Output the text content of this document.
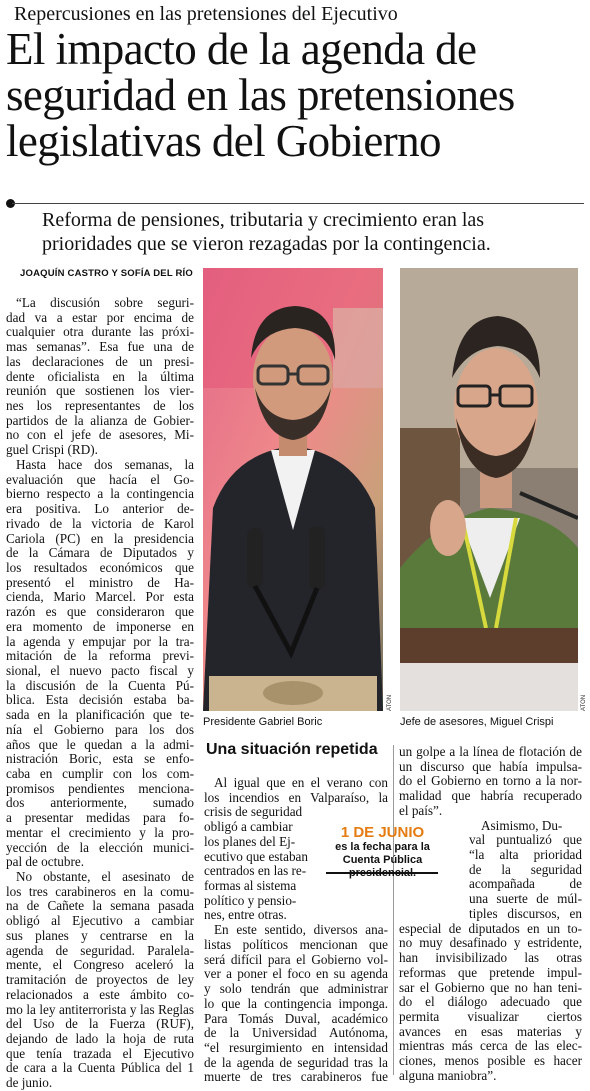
Repercusiones en las pretensiones del Ejecutivo
El impacto de la agenda de
seguridad en las pretensiones
legislativas del Gobierno
Reforma de pensiones, tributaria y crecimiento eran las
prioridades que se vieron rezagadas por la contingencia.
JOAQUÍN CASTRO Y SOFÍA DEL RÍO
ATON	ATON
Presidente Gabriel Boric	Jefe de asesores, Miguel Crispi
Una situación repetida
“La discusión sobre seguri-
dad va a estar por encima de
cualquier otra durante las próxi-
mas semanas”. Esa fue una de
las declaraciones de un presi-
dente oficialista en la última
reunión que sostienen los vier-
nes los representantes de los
partidos de la alianza de Gobier-
no con el jefe de asesores, Mi-
guel Crispi (RD).
Hasta hace dos semanas, la
evaluación que hacía el Go-
bierno respecto a la contingencia
era positiva. Lo anterior de-
rivado de la victoria de Karol
Cariola (PC) en la presidencia
de la Cámara de Diputados y
los resultados económicos que
presentó el ministro de Ha-
cienda, Mario Marcel. Por esta
razón es que consideraron que
era momento de imponerse en
la agenda y empujar por la tra-
mitación de la reforma previ-
sional, el nuevo pacto fiscal y
la discusión de la Cuenta Pú-
blica. Esta decisión estaba ba-
sada en la planificación que te-
nía el Gobierno para los dos
años que le quedan a la admi-
nistración Boric, esta se enfo-
caba en cumplir con los com-
promisos pendientes menciona-
dos anteriormente, sumado
a presentar medidas para fo-
mentar el crecimiento y la pro-
yección de la elección munici-
pal de octubre.
No obstante, el asesinato de
los tres carabineros en la comu-
na de Cañete la semana pasada
obligó al Ejecutivo a cambiar
sus planes y centrarse en la
agenda de seguridad. Paralela-
mente, el Congreso aceleró la
tramitación de proyectos de ley
relacionados a este ámbito co-
mo la ley antiterrorista y las Reglas
del Uso de la Fuerza (RUF),
dejando de lado la hoja de ruta
que tenía trazada el Ejecutivo
de cara a la Cuenta Pública del 1
de junio.
Al igual que en el verano con
los incendios en Valparaíso, la
crisis de seguridad
obligó a cambiar
los planes del Ej-
ecutivo que estaban
centrados en las re-
formas al sistema
político y pensio-
nes, entre otras.
En este sentido, diversos ana-
listas políticos mencionan que
será difícil para el Gobierno vol-
ver a poner el foco en su agenda
y solo tendrán que administrar
lo que la contingencia imponga.
Para Tomás Duval, académico
de la Universidad Autónoma,
“el resurgimiento en intensidad
de la agenda de seguridad tras la
muerte de tres carabineros fue
1 DE JUNIO
es la fecha para la
Cuenta Pública
un golpe a la línea de flotación de
un discurso que había impulsa-
do el Gobierno en torno a la nor-
malidad que habría recuperado
el país”.
Asimismo, Du-
val puntualizó que
“la alta prioridad
de la seguridad
acompañada de
una suerte de múl-
tiples discursos, en
especial de diputados en un to-
no muy desafinado y estridente,
han invisibilizado las otras
reformas que pretende impul-
sar el Gobierno que no han teni-
do el diálogo adecuado que
permita visualizar ciertos
avances en esas materias y
mientras más cerca de las elec-
ciones, menos posible es hacer
alguna maniobra”.
